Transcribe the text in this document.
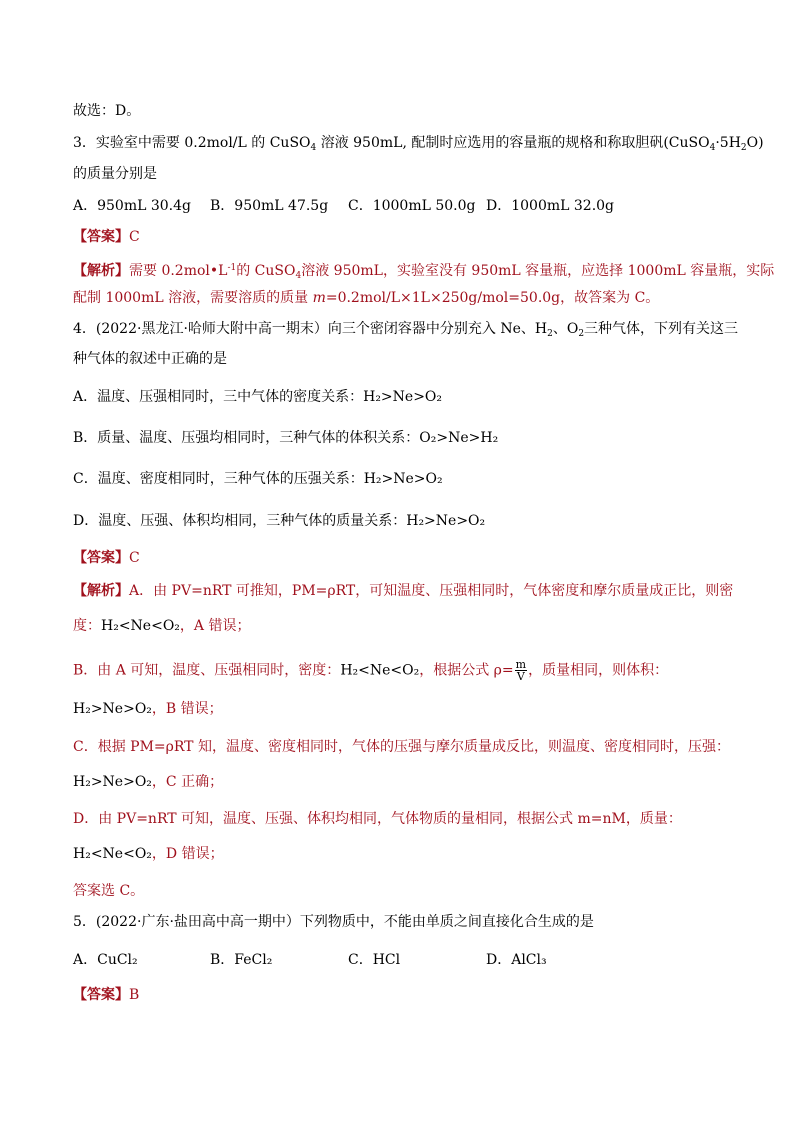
故选：D。
3．实验室中需要 0.2mol/L 的 CuSO$_4$ 溶液 950mL, 配制时应选用的容量瓶的规格和称取胆矾$(CuSO_4\cdot 5H_2O)$
的质量分别是
A．950mL 30.4g B．950mL 47.5g C．1000mL 50.0g D．1000mL 32.0g
【答案】C
【解析】需要 $0.2mol•L^{-1}$的 CuSO$_4$溶液 950mL，实验室没有 950mL 容量瓶，应选择 1000mL 容量瓶，实际
配制 1000mL 溶液，需要溶质的质量 m=0.2mol/L×1L×250g/mol=50.0g，故答案为 C。
4．(2022·黑龙江·哈师大附中高一期末）向三个密闭容器中分别充入 Ne、$H_2$、$O_2$三种气体，下列有关这三
种气体的叙述中正确的是
A．温度、压强相同时，三中气体的密度关系：H₂>Ne>O₂
B．质量、温度、压强均相同时，三种气体的体积关系：O₂>Ne>H₂
C．温度、密度相同时，三种气体的压强关系：H₂>Ne>O₂
D．温度、压强、体积均相同，三种气体的质量关系：H₂>Ne>O₂
【答案】C
【解析】A．由 PV=nRT 可推知，PM=ρRT，可知温度、压强相同时，气体密度和摩尔质量成正比，则密
度：H₂<Ne<O₂，A 错误；
B．由 A 可知，温度、压强相同时，密度：H₂<Ne<O₂，根据公式 $\rho= \frac{m}{V}$ ，质量相同，则体积：
H₂>Ne>O₂，B 错误；
C．根据 PM=ρRT 知，温度、密度相同时，气体的压强与摩尔质量成反比，则温度、密度相同时，压强：
H₂>Ne>O₂，C 正确；
D．由 PV=nRT 可知，温度、压强、体积均相同，气体物质的量相同，根据公式 m=nM，质量：
H₂<Ne<O₂，D 错误；
答案选 C。
5．(2022·广东·盐田高中高一期中）下列物质中，不能由单质之间直接化合生成的是
A．CuCl₂	B．FeCl₂	C．HCl	D．AlCl₃
【答案】B
